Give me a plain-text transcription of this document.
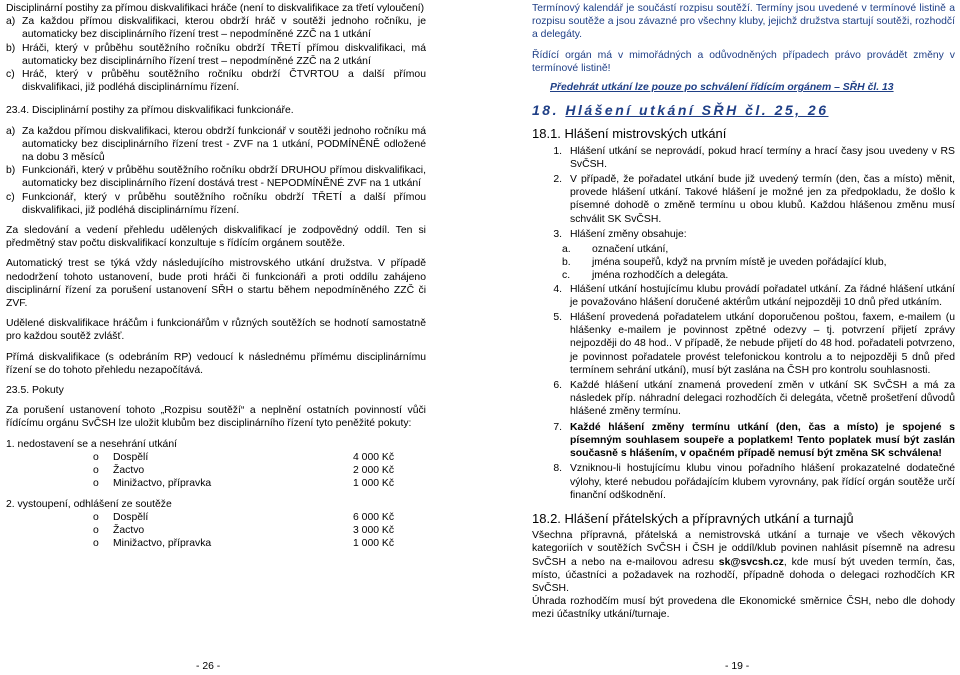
Disciplinární postihy za přímou diskvalifikaci hráče (není to diskvalifikace za třetí vyloučení)

a) Za každou přímou diskvalifikaci, kterou obdrží hráč v soutěži jednoho ročníku, je automaticky bez disciplinárního řízení trest – nepodmíněné ZZČ na 1 utkání
b) Hráči, který v průběhu soutěžního ročníku obdrží TŘETÍ přímou diskvalifikaci, má automaticky bez disciplinárního řízení trest – nepodmíněné ZZČ na 2 utkání
c) Hráč, který v průběhu soutěžního ročníku obdrží ČTVRTOU a další přímou diskvalifikaci, již podléhá disciplinárnímu řízení.

23.4. Disciplinární postihy za přímou diskvalifikaci funkcionáře.

a) Za každou přímou diskvalifikaci, kterou obdrží funkcionář v soutěži jednoho ročníku má automaticky bez disciplinárního řízení trest - ZVF na 1 utkání, PODMÍNĚNĚ odložené na dobu 3 měsíců
b) Funkcionáři, který v průběhu soutěžního ročníku obdrží DRUHOU přímou diskvalifikaci, automaticky bez disciplinárního řízení dostává trest - NEPODMÍNĚNÉ ZVF na 1 utkání
c) Funkcionář, který v průběhu soutěžního ročníku obdrží TŘETÍ a další přímou diskvalifikaci, již podléhá disciplinárnímu řízení.

Za sledování a vedení přehledu udělených diskvalifikací je zodpovědný oddíl. Ten si předmětný stav počtu diskvalifikací konzultuje s řídícím orgánem soutěže.

Automatický trest se týká vždy následujícího mistrovského utkání družstva. V případě nedodržení tohoto ustanovení, bude proti hráči či funkcionáři a proti oddílu zahájeno disciplinární řízení za porušení ustanovení SŘH o startu během nepodmíněného ZZČ či ZVF.

Udělené diskvalifikace hráčům i funkcionářům v různých soutěžích se hodnotí samostatně pro každou soutěž zvlášť.

Přímá diskvalifikace (s odebráním RP) vedoucí k následnému přímému disciplinárnímu řízení se do tohoto přehledu nezapočítává.

23.5. Pokuty

Za porušení ustanovení tohoto „Rozpisu soutěží“ a neplnění ostatních povinností vůči řídícímu orgánu SvČSH lze uložit klubům bez disciplinárního řízení tyto peněžité pokuty:

1. nedostavení se a nesehrání utkání

o	Dospělí	4 000 Kč
o	Žactvo	2 000 Kč
o	Minižactvo, přípravka	1 000 Kč

2. vystoupení, odhlášení ze soutěže

o	Dospělí	6 000 Kč
o	Žactvo	3 000 Kč
o	Minižactvo, přípravka	1 000 Kč

Termínový kalendář je součástí rozpisu soutěží. Termíny jsou uvedené v termínové listině a rozpisu soutěže a jsou závazné pro všechny kluby, jejichž družstva startují soutěži, rozhodčí a delegáty.

Řídící orgán má v mimořádných a odůvodněných případech právo provádět změny v termínové listině!

Předehrát utkání lze pouze po schválení řídícím orgánem – SŘH čl. 13

18. Hlášení utkání SŘH čl. 25, 26
18.1. Hlášení mistrovských utkání
1. Hlášení utkání se neprovádí, pokud hrací termíny a hrací časy jsou uvedeny v RS SvČSH.
2. V případě, že pořadatel utkání bude již uvedený termín (den, čas a místo) měnit, provede hlášení utkání. Takové hlášení je možné jen za předpokladu, že došlo k písemné dohodě o změně termínu u obou klubů. Každou hlášenou změnu musí schválit SK SvČSH.
3. Hlášení změny obsahuje:
a.	označení utkání,
b.	jména soupeřů, když na prvním místě je uveden pořádající klub,
c.	jména rozhodčích a delegáta.
4. Hlášení utkání hostujícímu klubu provádí pořadatel utkání. Za řádné hlášení utkání je považováno hlášení doručené aktérům utkání nejpozději 10 dnů před utkáním.
5. Hlášení provedená pořadatelem utkání doporučenou poštou, faxem, e-mailem (u hlášenky e-mailem je povinnost zpětné odezvy – tj. potvrzení přijetí zprávy nejpozději do 48 hod.. V případě, že nebude přijetí do 48 hod. pořadateli potvrzeno, je povinnost pořadatele provést telefonickou kontrolu a to nejpozději 5 dnů před termínem sehrání utkání), musí být zaslána na ČSH pro kontrolu souhlasnosti.
6. Každé hlášení utkání znamená provedení změn v utkání SK SvČSH a má za následek příp. náhradní delegaci rozhodčích či delegáta, včetně prošetření důvodů hlášené změny termínu.
7. Každé hlášení změny termínu utkání (den, čas a místo) je spojené s písemným souhlasem soupeře a poplatkem! Tento poplatek musí být zaslán současně s hlášením, v opačném případě nemusí být změna SK schválena!
8. Vzniknou-li hostujícímu klubu vinou pořadního hlášení prokazatelné dodatečné výlohy, které nebudou pořádajícím klubem vyrovnány, pak řídící orgán soutěže určí finanční odškodnění.
18.2. Hlášení přátelských a přípravných utkání a turnajů

Všechna přípravná, přátelská a nemistrovská utkání a turnaje ve všech věkových kategoriích v soutěžích SvČSH i ČSH je oddíl/klub povinen nahlásit písemně na adresu SvČSH a nebo na e-mailovou adresu sk@svcsh.cz, kde musí být uveden termín, čas, místo, účastníci a požadavek na rozhodčí, případně dohoda o delegaci rozhodčích KR SvČSH.

Úhrada rozhodčím musí být provedena dle Ekonomické směrnice ČSH, nebo dle dohody mezi účastníky utkání/turnaje.

- 26 -	- 19 -
